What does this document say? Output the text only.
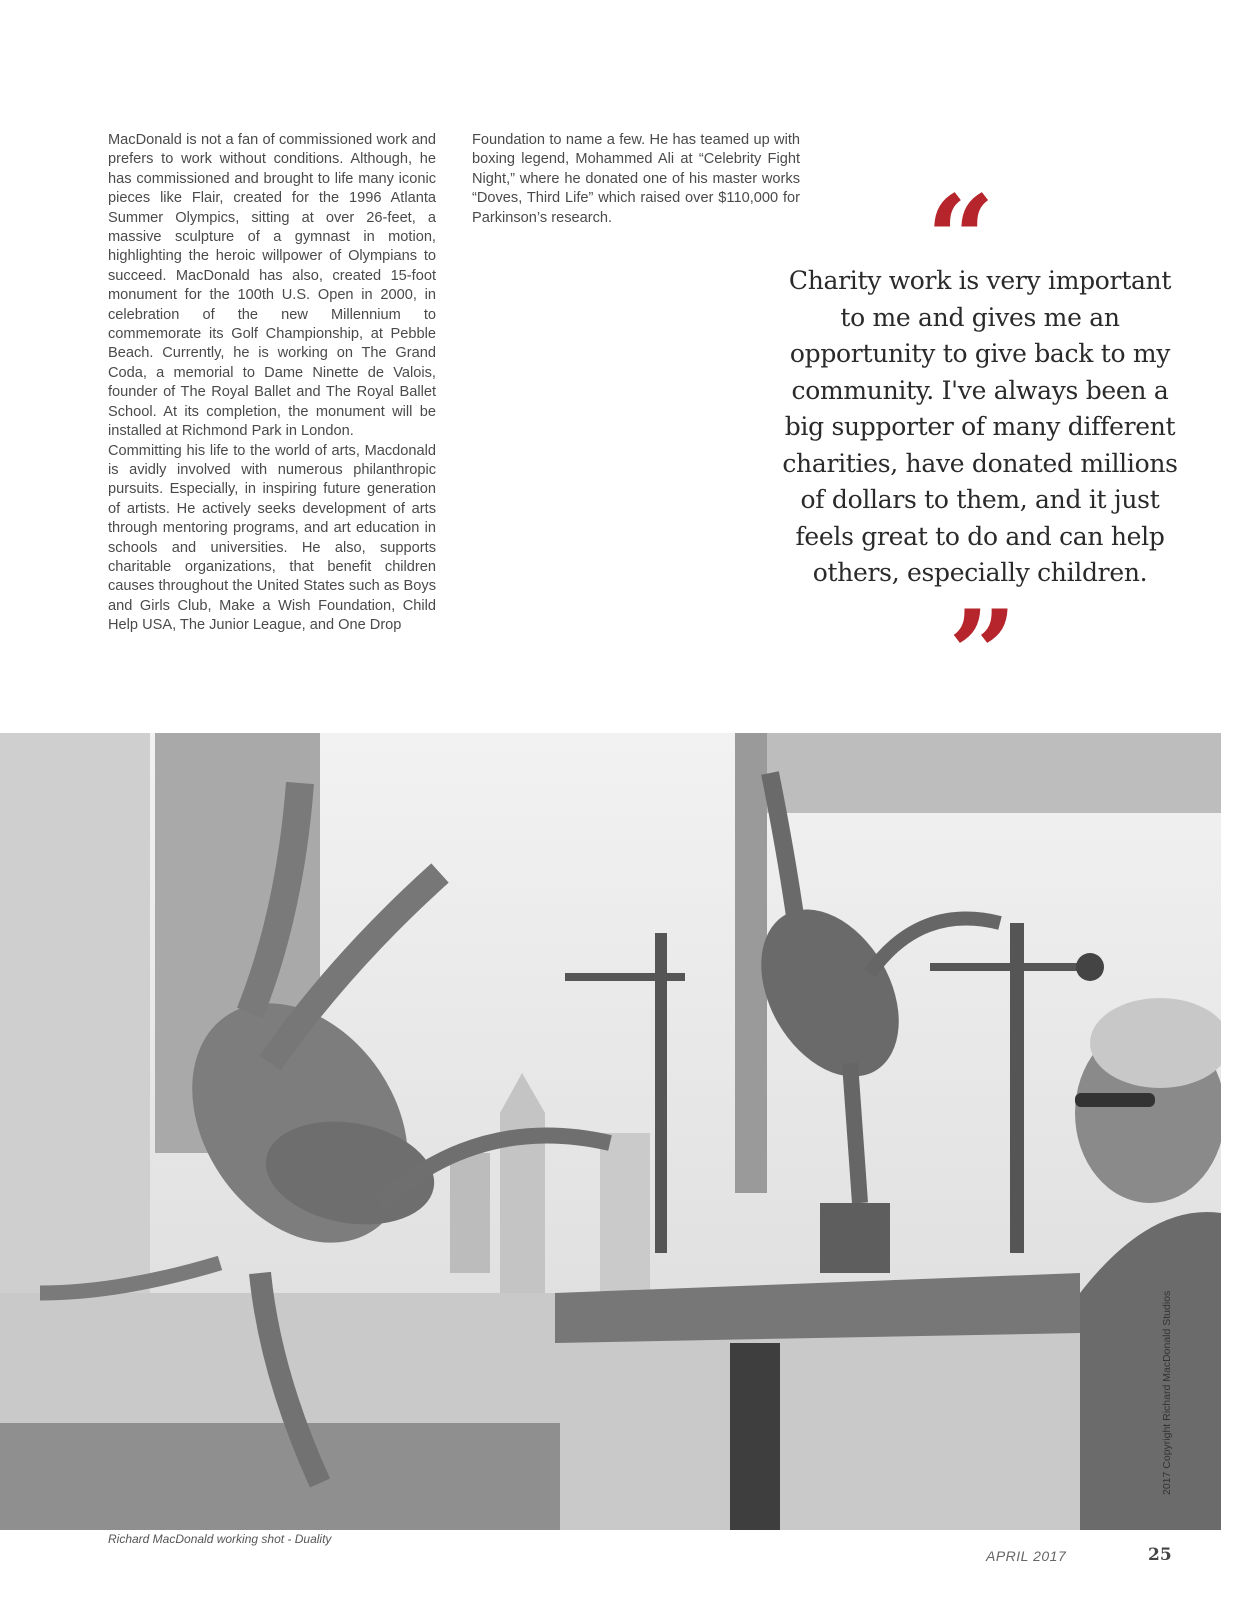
MacDonald is not a fan of commissioned work and prefers to work without conditions. Although, he has commissioned and brought to life many iconic pieces like Flair, created for the 1996 Atlanta Summer Olympics, sitting at over 26-feet, a massive sculpture of a gymnast in motion, highlighting the heroic willpower of Olympians to succeed. MacDonald has also, created 15-foot monument for the 100th U.S. Open in 2000, in celebration of the new Millennium to commemorate its Golf Championship, at Pebble Beach. Currently, he is working on The Grand Coda, a memorial to Dame Ninette de Valois, founder of The Royal Ballet and The Royal Ballet School. At its completion, the monument will be installed at Richmond Park in London.

Committing his life to the world of arts, Macdonald is avidly involved with numerous philanthropic pursuits. Especially, in inspiring future generation of artists. He actively seeks development of arts through mentoring programs, and art education in schools and universities. He also, supports charitable organizations, that benefit children causes throughout the United States such as Boys and Girls Club, Make a Wish Foundation, Child Help USA, The Junior League, and One Drop

Foundation to name a few. He has teamed up with boxing legend, Mohammed Ali at “Celebrity Fight Night,” where he donated one of his master works “Doves, Third Life” which raised over $110,000 for Parkinson’s research.	“
Charity work is very important to me and gives me an opportunity to give back to my community. I've always been a big supporter of many different charities, have donated millions of dollars to them, and it just feels great to do and can help others, especially children.
”
2017 Copyright Richard MacDonald Studios
Richard MacDonald working shot - Duality
APRIL 2017	25
